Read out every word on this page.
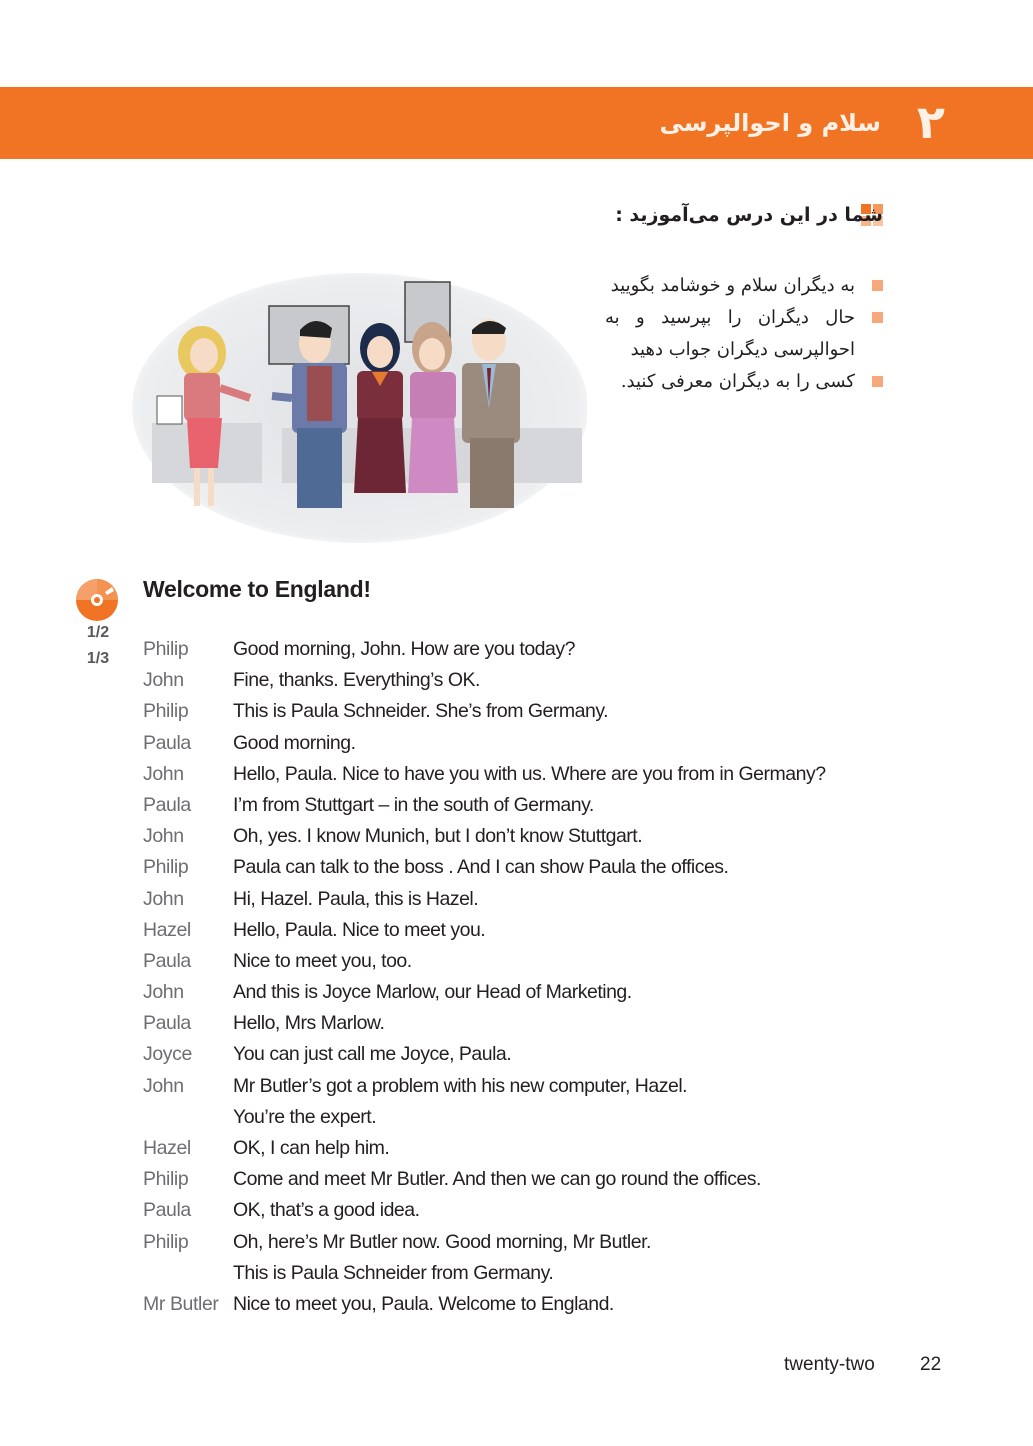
سلام و احوالپرسی ۲
شما در این درس می‌آموزید :
به دیگران سلام و خوشامد بگویید
حال دیگران را بپرسید و به احوالپرسی دیگران جواب دهید
کسی را به دیگران معرفی کنید.
1/2
1/3
Welcome to England!
Philip Good morning, John. How are you today?
John	Fine, thanks. Everything’s OK.
Philip This is Paula Schneider. She’s from Germany.
Paula Good morning.
John	Hello, Paula. Nice to have you with us. Where are you from in Germany?
Paula I’m from Stuttgart – in the south of Germany.
John	Oh, yes. I know Munich, but I don’t know Stuttgart.
Philip Paula can talk to the boss . And I can show Paula the offices.
John	Hi, Hazel. Paula, this is Hazel.
Hazel Hello, Paula. Nice to meet you.
Paula Nice to meet you, too.
John	And this is Joyce Marlow, our Head of Marketing.
Paula Hello, Mrs Marlow.
Joyce You can just call me Joyce, Paula.
John	Mr Butler’s got a problem with his new computer, Hazel.
You’re the expert.
Hazel OK, I can help him.
Philip Come and meet Mr Butler. And then we can go round the offices.
Paula OK, that’s a good idea.
Philip Oh, here’s Mr Butler now. Good morning, Mr Butler.
This is Paula Schneider from Germany.
Mr Butler Nice to meet you, Paula. Welcome to England.
twenty-two 22
